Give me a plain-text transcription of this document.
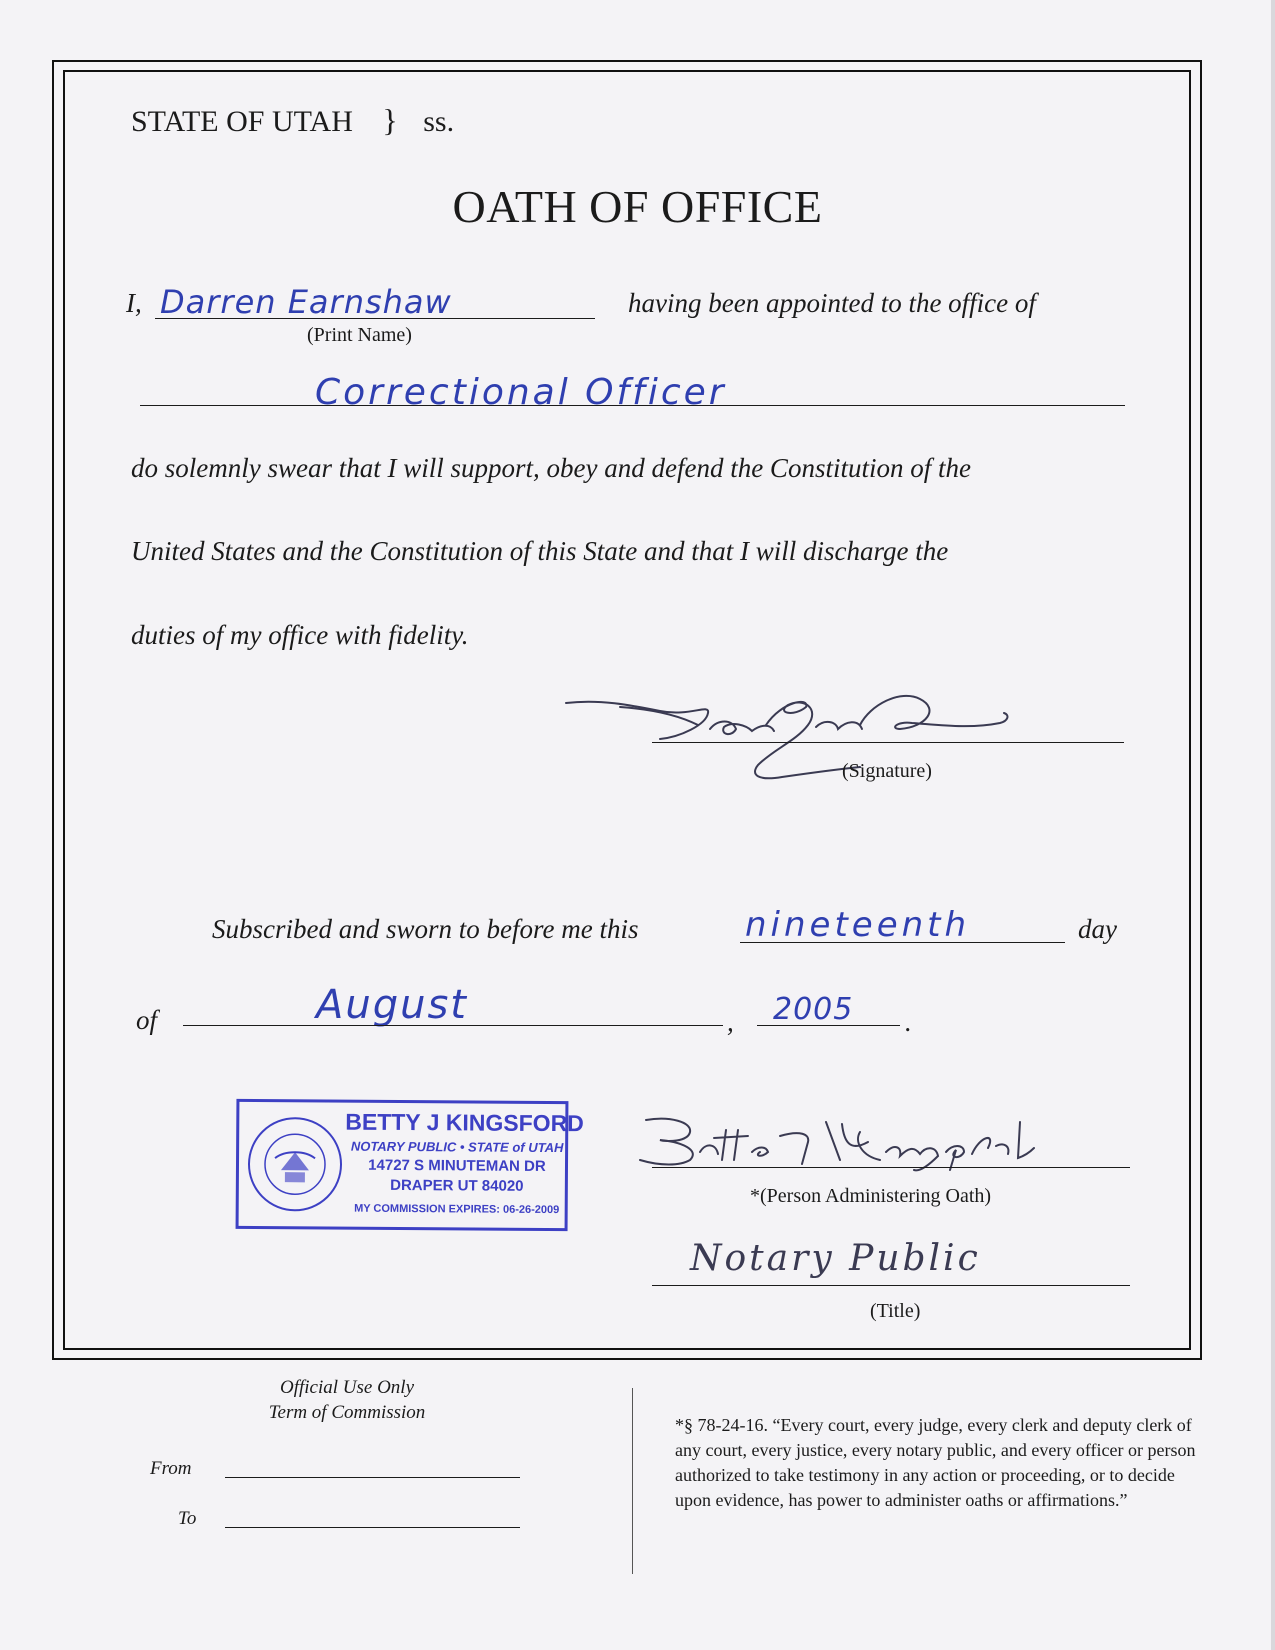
STATE OF UTAH } ss.
OATH OF OFFICE
I, Darren Earnshaw
(Print Name)
having been appointed to the office of
Correctional Officer
do solemnly swear that I will support, obey and defend the Constitution of the
United States and the Constitution of this State and that I will discharge the
duties of my office with fidelity.
(Signature)
Subscribed and sworn to before me this	nineteenth	day
of	August	, 2005 .
BETTY J KINGSFORD
NOTARY PUBLIC • STATE of UTAH
14727 S MINUTEMAN DR
DRAPER UT 84020
MY COMMISSION EXPIRES: 06-26-2009
*(Person Administering Oath)
Notary Public
(Title)
Official Use Only
Term of Commission
From
To
*§ 78-24-16. “Every court, every judge, every clerk and deputy clerk of any court, every justice, every notary public, and every officer or person authorized to take testimony in any action or proceeding, or to decide upon evidence, has power to administer oaths or affirmations.”
